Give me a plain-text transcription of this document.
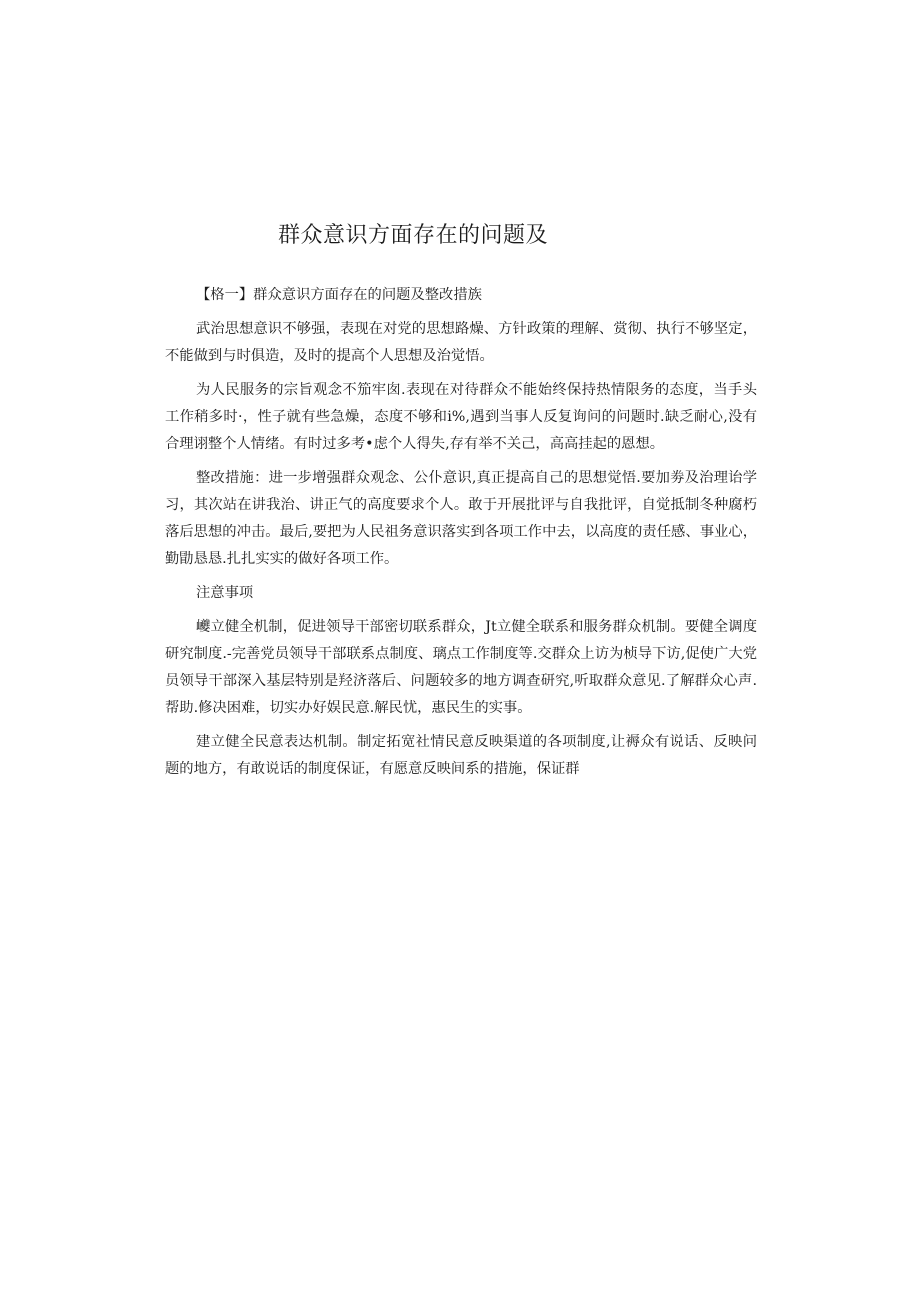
群众意识方面存在的问题及

【格一】群众意识方面存在的问题及整改措族

武治思想意识不够强，表现在对党的思想路燥、方针政策的理解、赏彻、执行不够坚定，不能做到与时俱造，及时的提高个人思想及治觉悟。

为人民服务的宗旨观念不笳牢囱.表现在对待群众不能始终保持热情限务的态度，当手头工作稍多时·，性子就有些急燥，态度不够和i%,遇到当事人反复询问的问题时.缺乏耐心,没有合理诩整个人情绪。有时过多考•虑个人得失,存有举不关己，高高挂起的恩想。

整改措施：进一步增强群众观念、公仆意识,真正提高自己的思想觉悟.要加劵及治理诒学习，其次站在讲我治、讲正气的高度要求个人。敢于开展批评与自我批评，自觉抵制冬种腐朽落后思想的冲击。最后,要把为人民祖务意识落实到各项工作中去，以高度的责任感、事业心，勤勖恳恳.扎扎实实的做好各项工作。

注意事项

巙立健全机制，促进领导干部密切联系群众，Jt立健全联系和服务群众机制。要健全调度研究制度.-完善党员领导干部联系点制度、璃点工作制度等.交群众上访为桢导下访,促使广大党员领导干部深入基层特别是羟济落后、问题较多的地方调查研究,听取群众意见.了解群众心声.帮助.修决困难，切实办好娱民意.解民忧，惠民生的实事。

建立健全民意表达机制。制定拓宽社情民意反映渠道的各项制度,让褥众有说话、反映问题的地方，有敢说话的制度保证，有愿意反映间系的措施，保证群
